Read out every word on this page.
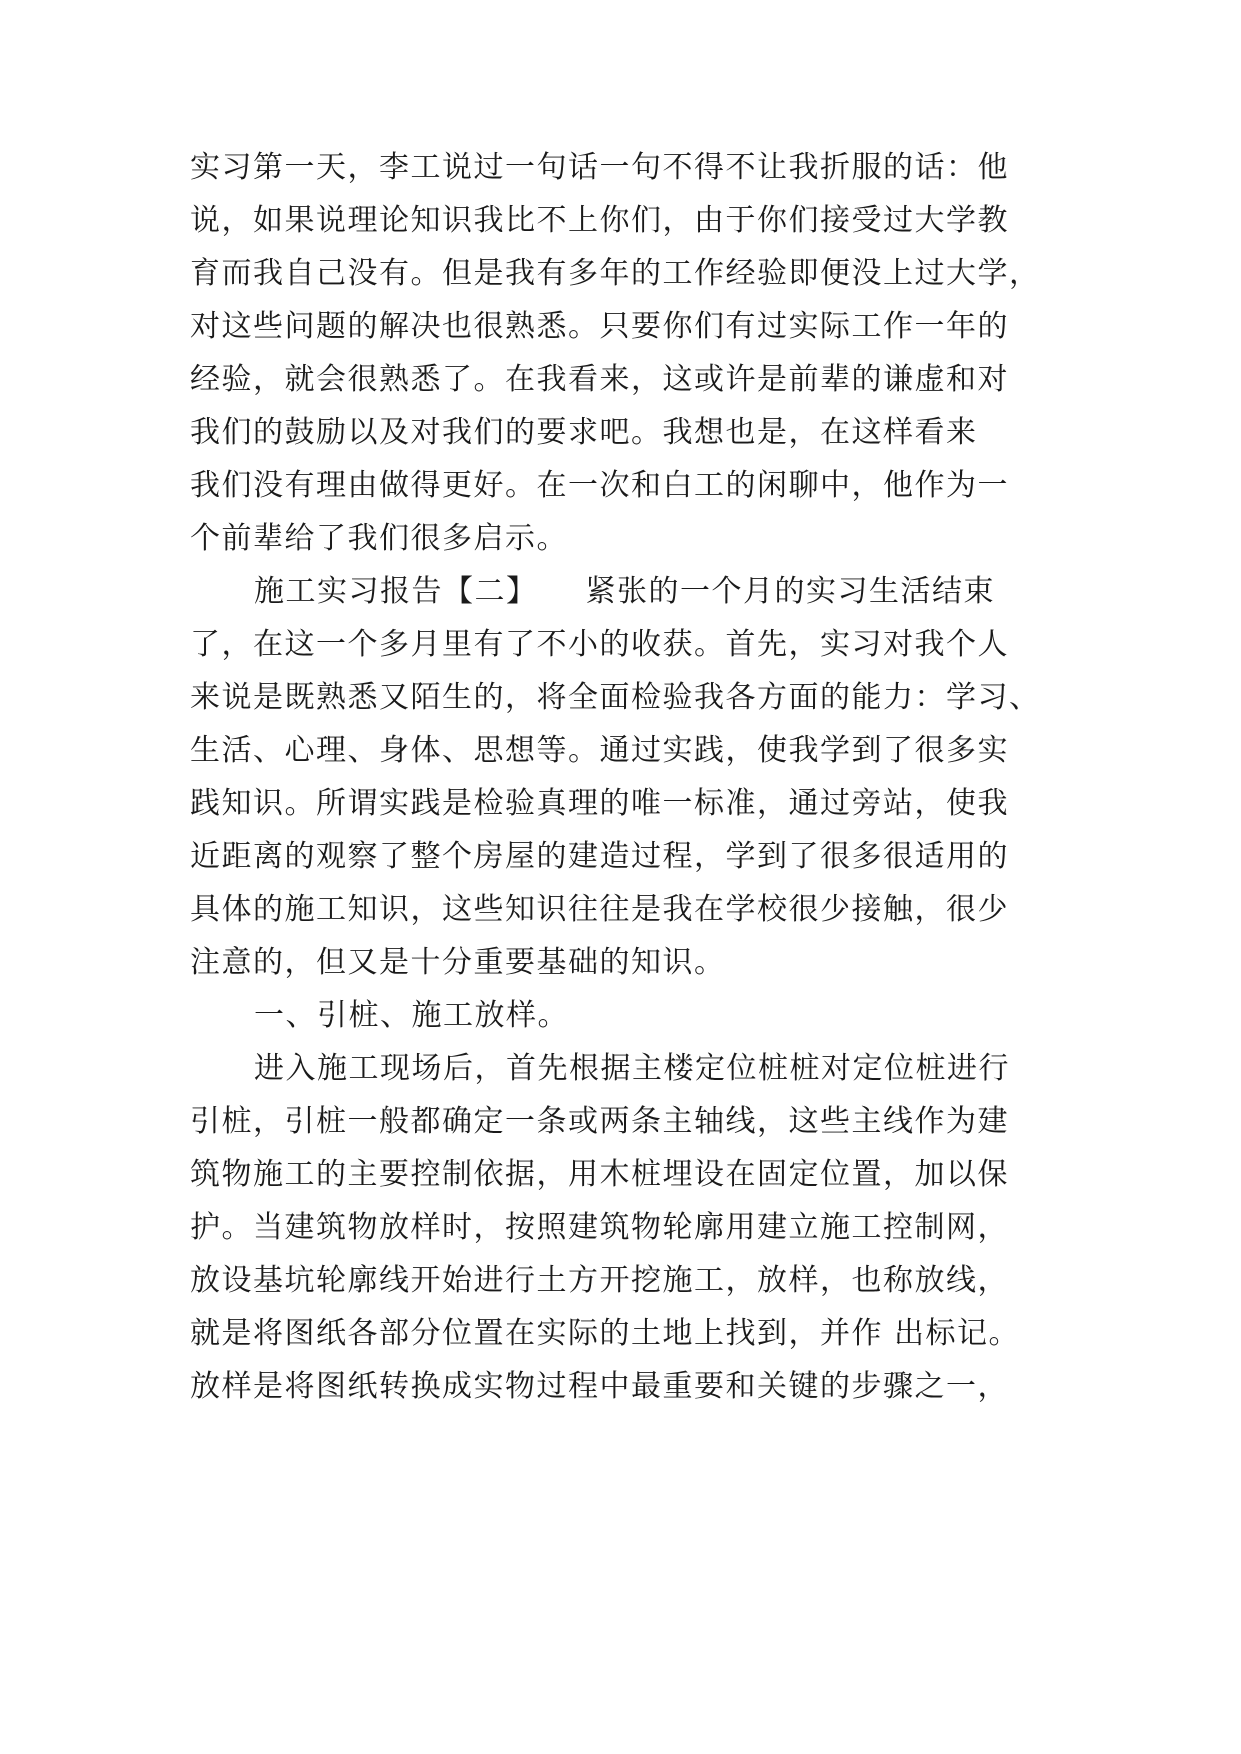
实习第一天，李工说过一句话一句不得不让我折服的话：他
说，如果说理论知识我比不上你们，由于你们接受过大学教
育而我自己没有。但是我有多年的工作经验即便没上过大学，
对这些问题的解决也很熟悉。只要你们有过实际工作一年的
经验，就会很熟悉了。在我看来，这或许是前辈的谦虚和对
我们的鼓励以及对我们的要求吧。我想也是，在这样看来
我们没有理由做得更好。在一次和白工的闲聊中，他作为一
个前辈给了我们很多启示。
施工实习报告【二】　　紧张的一个月的实习生活结束
了，在这一个多月里有了不小的收获。首先，实习对我个人
来说是既熟悉又陌生的，将全面检验我各方面的能力：学习、
生活、心理、身体、思想等。通过实践，使我学到了很多实
践知识。所谓实践是检验真理的唯一标准，通过旁站，使我
近距离的观察了整个房屋的建造过程，学到了很多很适用的
具体的施工知识，这些知识往往是我在学校很少接触，很少
注意的，但又是十分重要基础的知识。
一、引桩、施工放样。
进入施工现场后，首先根据主楼定位桩桩对定位桩进行
引桩，引桩一般都确定一条或两条主轴线，这些主线作为建
筑物施工的主要控制依据，用木桩埋设在固定位置，加以保
护。当建筑物放样时，按照建筑物轮廓用建立施工控制网，
放设基坑轮廓线开始进行土方开挖施工，放样，也称放线，
就是将图纸各部分位置在实际的土地上找到，并作 出标记。
放样是将图纸转换成实物过程中最重要和关键的步骤之一，
